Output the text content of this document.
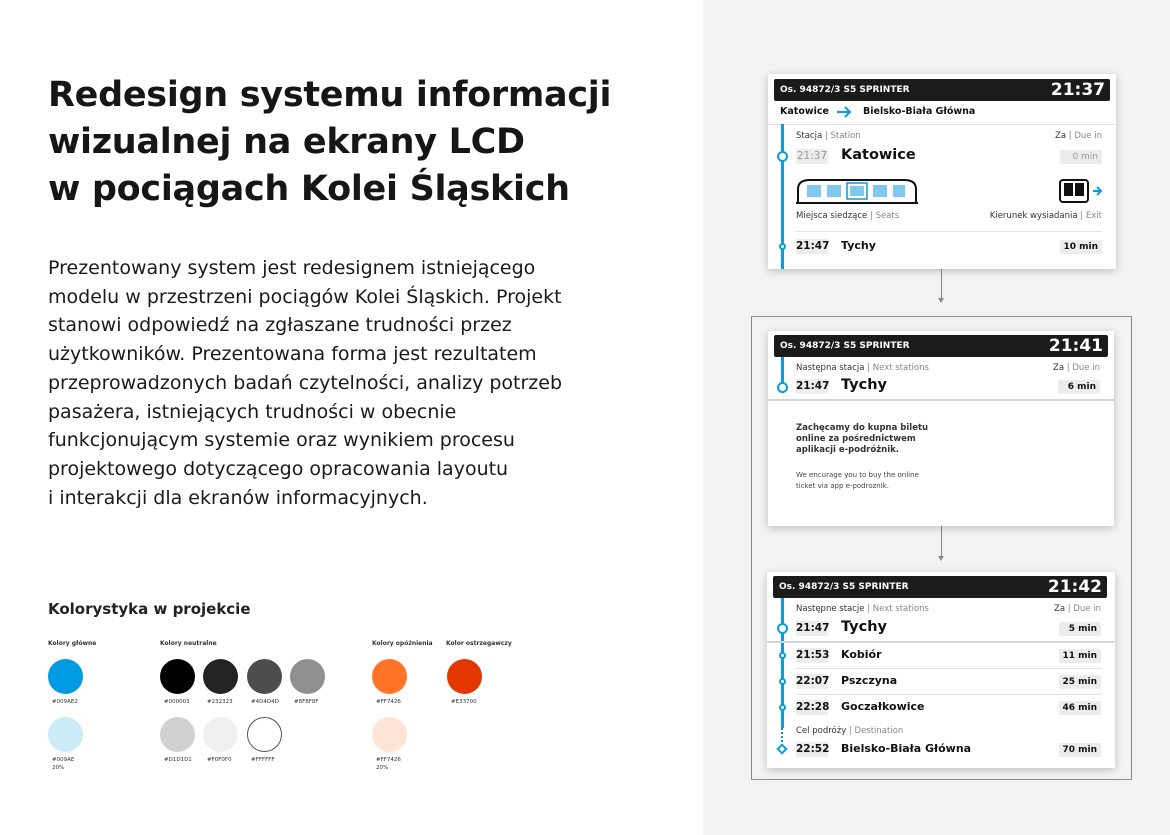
Redesign systemu informacji
wizualnej na ekrany LCD
w pociągach Kolei Śląskich
Prezentowany system jest redesignem istniejącego
modelu w przestrzeni pociągów Kolei Śląskich. Projekt
stanowi odpowiedź na zgłaszane trudności przez
użytkowników. Prezentowana forma jest rezultatem
przeprowadzonych badań czytelności, analizy potrzeb
pasażera, istniejących trudności w obecnie
funkcjonującym systemie oraz wynikiem procesu
projektowego dotyczącego opracowania layoutu
i interakcji dla ekranów informacyjnych.
Kolorystyka w projekcie
Kolory główne	Kolory neutralne	Kolory opóźnienia Kolor ostrzegawczy
#009AE2	#000003	#232323	#4D4D4D	#8F8F8F	#FF7426	#E33700
#009AE
20%
#D1D1D1	#F0F0F0	#FFFFFF	#FF7426
20%
Os. 94872/3 S5 SPRINTER	21:37
Katowice	Bielsko-Biała Główna
Stacja | Station	Za | Due in
21:37 Katowice	0 min
Miejsca siedzące | Seats	Kierunek wysiadania | Exit
21:47 Tychy	10 min
Os. 94872/3 S5 SPRINTER	21:41
Następna stacja | Next stations	Za | Due in
21:47 Tychy	6 min
Zachęcamy do kupna biletu
online za pośrednictwem
aplikacji e-podróżnik.
We encurage you to buy the online
ticket via app e-podroznik.
Os. 94872/3 S5 SPRINTER	21:42
Następne stacje | Next stations	Za | Due in
21:47 Tychy	5 min
21:53 Kobiór	11 min
22:07 Pszczyna	25 min
22:28 Goczałkowice	46 min
Cel podróży | Destination
22:52 Bielsko-Biała Główna	70 min
